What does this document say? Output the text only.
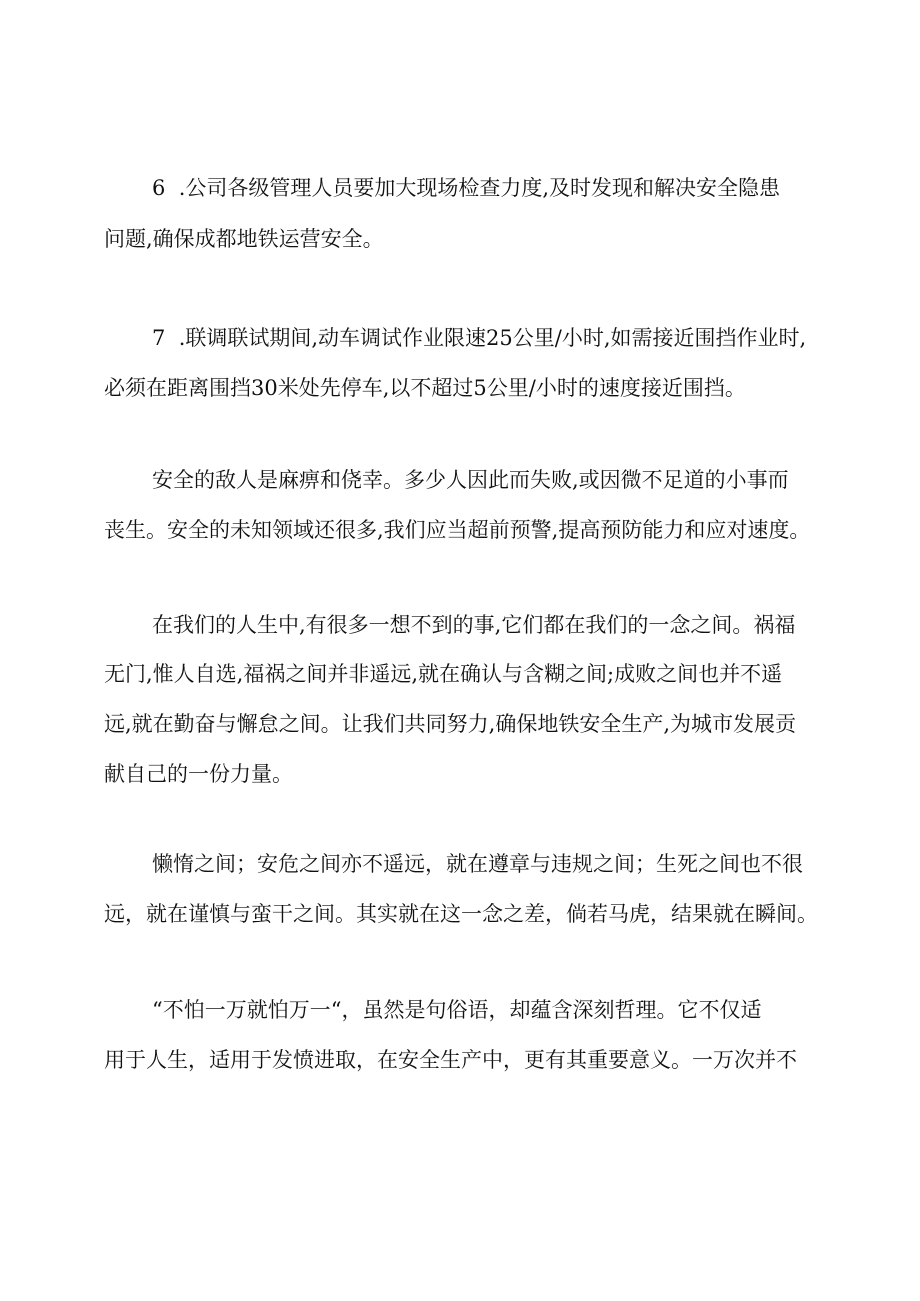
6  .公司各级管理人员要加大现场检查力度,及时发现和解决安全隐患
问题,确保成都地铁运营安全。
7  .联调联试期间,动车调试作业限速25公里/小时,如需接近围挡作业时,
必须在距离围挡30米处先停车,以不超过5公里/小时的速度接近围挡。
安全的敌人是麻痹和侥幸。多少人因此而失败,或因微不足道的小事而
丧生。安全的未知领域还很多,我们应当超前预警,提高预防能力和应对速度。
在我们的人生中,有很多一想不到的事,它们都在我们的一念之间。祸福
无门,惟人自选,福祸之间并非遥远,就在确认与含糊之间;成败之间也并不遥
远,就在勤奋与懈怠之间。让我们共同努力,确保地铁安全生产,为城市发展贡
献自己的一份力量。
懒惰之间；安危之间亦不遥远，就在遵章与违规之间；生死之间也不很
远，就在谨慎与蛮干之间。其实就在这一念之差，倘若马虎，结果就在瞬间。
“不怕一万就怕万一“，虽然是句俗语，却蕴含深刻哲理。它不仅适
用于人生，适用于发愤进取，在安全生产中，更有其重要意义。一万次并不
